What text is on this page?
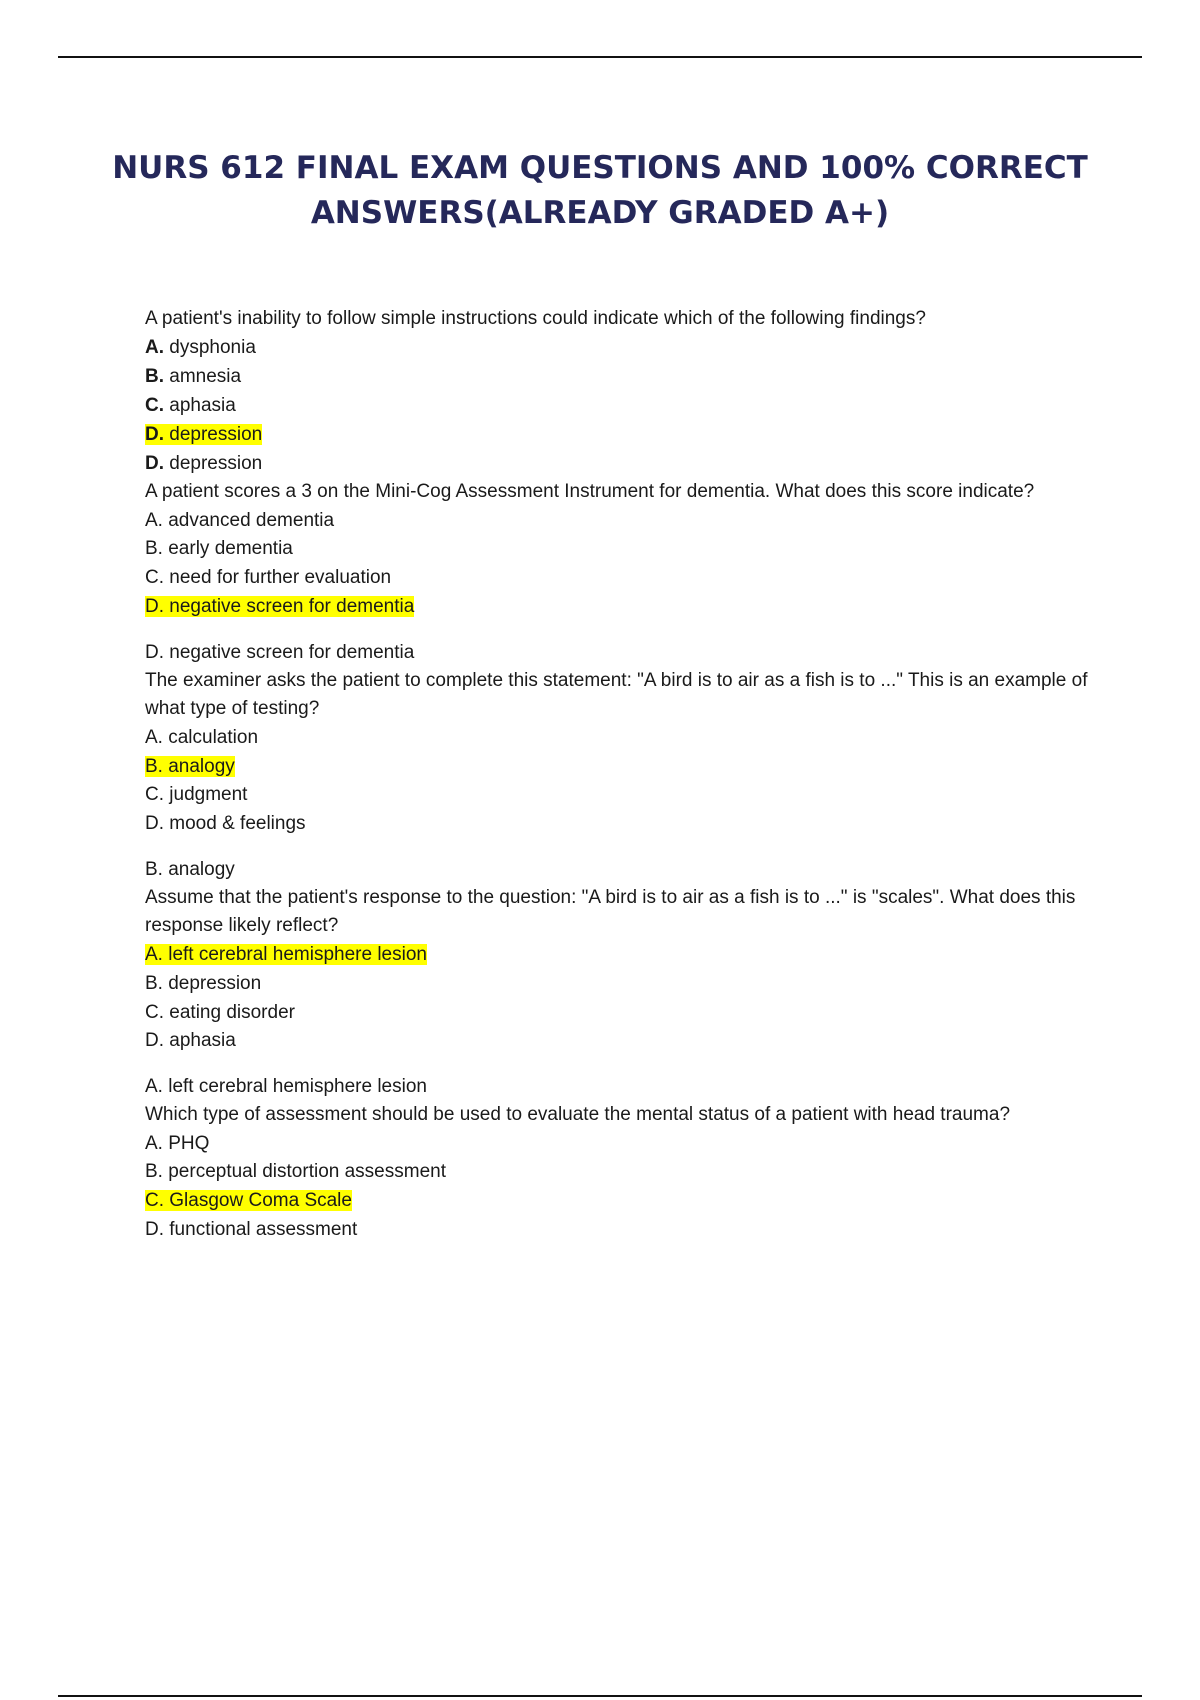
NURS 612 FINAL EXAM QUESTIONS AND 100% CORRECT ANSWERS(ALREADY GRADED A+)

A patient's inability to follow simple instructions could indicate which of the following findings?

A. dysphonia

B. amnesia

C. aphasia

D. depression

D. depression

A patient scores a 3 on the Mini-Cog Assessment Instrument for dementia. What does this score indicate?

A. advanced dementia

B. early dementia

C. need for further evaluation

D. negative screen for dementia

D. negative screen for dementia

The examiner asks the patient to complete this statement: "A bird is to air as a fish is to ..." This is an example of what type of testing?

A. calculation

B. analogy

C. judgment

D. mood & feelings

B. analogy

Assume that the patient's response to the question: "A bird is to air as a fish is to ..." is "scales". What does this response likely reflect?

A. left cerebral hemisphere lesion

B. depression

C. eating disorder

D. aphasia

A. left cerebral hemisphere lesion

Which type of assessment should be used to evaluate the mental status of a patient with head trauma?

A. PHQ

B. perceptual distortion assessment

C. Glasgow Coma Scale

D. functional assessment
